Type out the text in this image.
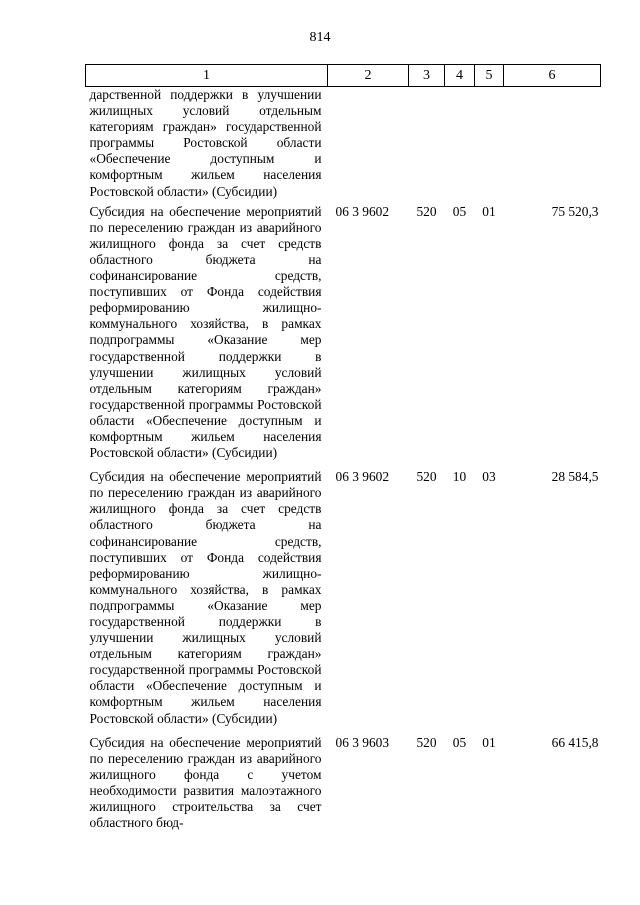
814
1	2	3	4	5	6
дарственной поддержки в улучшении жилищных условий отдельным категориям граждан» государственной программы Ростовской области «Обеспечение доступным и комфортным жильем населения Ростовской области» (Субсидии)					
Субсидия на обеспечение мероприятий по переселению граждан из аварийного жилищного фонда за счет средств областного бюджета на софинансирование средств, поступивших от Фонда содействия реформированию жилищно-коммунального хозяйства, в рамках подпрограммы «Оказание мер государственной поддержки в улучшении жилищных условий отдельным категориям граждан» государственной программы Ростовской области «Обеспечение доступным и комфортным жильем населения Ростовской области» (Субсидии)	06 3 9602	520	05	01	75 520,3
Субсидия на обеспечение мероприятий по переселению граждан из аварийного жилищного фонда за счет средств областного бюджета на софинансирование средств, поступивших от Фонда содействия реформированию жилищно-коммунального хозяйства, в рамках подпрограммы «Оказание мер государственной поддержки в улучшении жилищных условий отдельным категориям граждан» государственной программы Ростовской области «Обеспечение доступным и комфортным жильем населения Ростовской области» (Субсидии)	06 3 9602	520	10	03	28 584,5
Субсидия на обеспечение мероприятий по переселению граждан из аварийного жилищного фонда с учетом необходимости развития малоэтажного жилищного строительства за счет областного бюд-	06 3 9603	520	05	01	66 415,8
